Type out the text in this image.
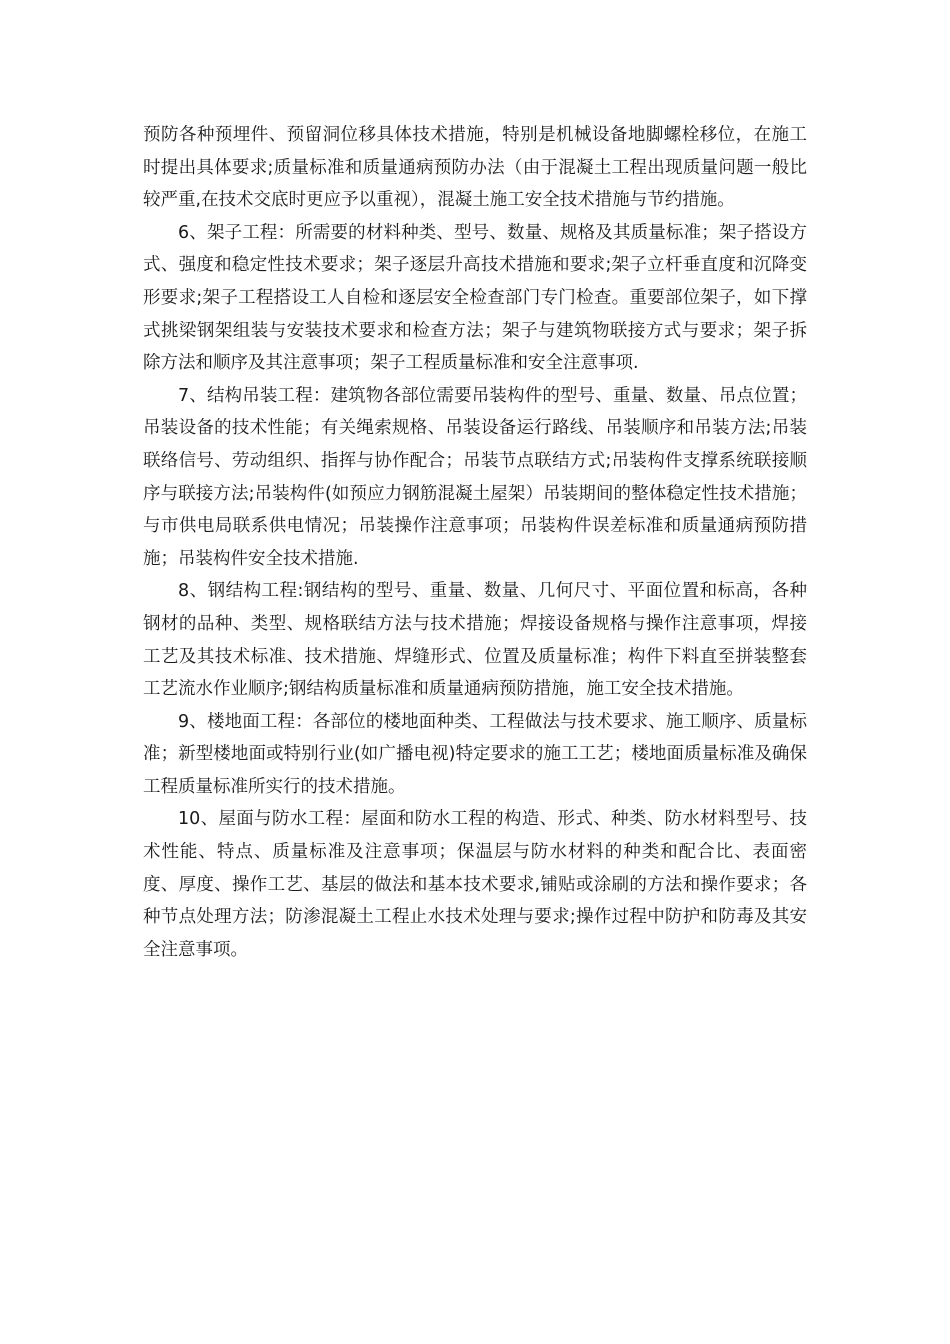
预防各种预埋件、预留洞位移具体技术措施，特别是机械设备地脚螺栓移位，在施工时提出具体要求;质量标准和质量通病预防办法（由于混凝土工程出现质量问题一般比较严重,在技术交底时更应予以重视），混凝土施工安全技术措施与节约措施。

6、架子工程：所需要的材料种类、型号、数量、规格及其质量标准；架子搭设方式、强度和稳定性技术要求；架子逐层升高技术措施和要求;架子立杆垂直度和沉降变形要求;架子工程搭设工人自检和逐层安全检查部门专门检查。重要部位架子，如下撑式挑梁钢架组装与安装技术要求和检查方法；架子与建筑物联接方式与要求；架子拆除方法和顺序及其注意事项；架子工程质量标准和安全注意事项.

7、结构吊装工程：建筑物各部位需要吊装构件的型号、重量、数量、吊点位置；吊装设备的技术性能；有关绳索规格、吊装设备运行路线、吊装顺序和吊装方法;吊装联络信号、劳动组织、指挥与协作配合；吊装节点联结方式;吊装构件支撑系统联接顺序与联接方法;吊装构件(如预应力钢筋混凝土屋架）吊装期间的整体稳定性技术措施；与市供电局联系供电情况；吊装操作注意事项；吊装构件误差标准和质量通病预防措施；吊装构件安全技术措施.

8、钢结构工程:钢结构的型号、重量、数量、几何尺寸、平面位置和标高，各种钢材的品种、类型、规格联结方法与技术措施；焊接设备规格与操作注意事项，焊接工艺及其技术标准、技术措施、焊缝形式、位置及质量标准；构件下料直至拼装整套工艺流水作业顺序;钢结构质量标准和质量通病预防措施，施工安全技术措施。

9、楼地面工程：各部位的楼地面种类、工程做法与技术要求、施工顺序、质量标准；新型楼地面或特别行业(如广播电视)特定要求的施工工艺；楼地面质量标准及确保工程质量标准所实行的技术措施。

10、屋面与防水工程：屋面和防水工程的构造、形式、种类、防水材料型号、技术性能、特点、质量标准及注意事项；保温层与防水材料的种类和配合比、表面密度、厚度、操作工艺、基层的做法和基本技术要求,铺贴或涂刷的方法和操作要求；各种节点处理方法；防渗混凝土工程止水技术处理与要求;操作过程中防护和防毒及其安全注意事项。
